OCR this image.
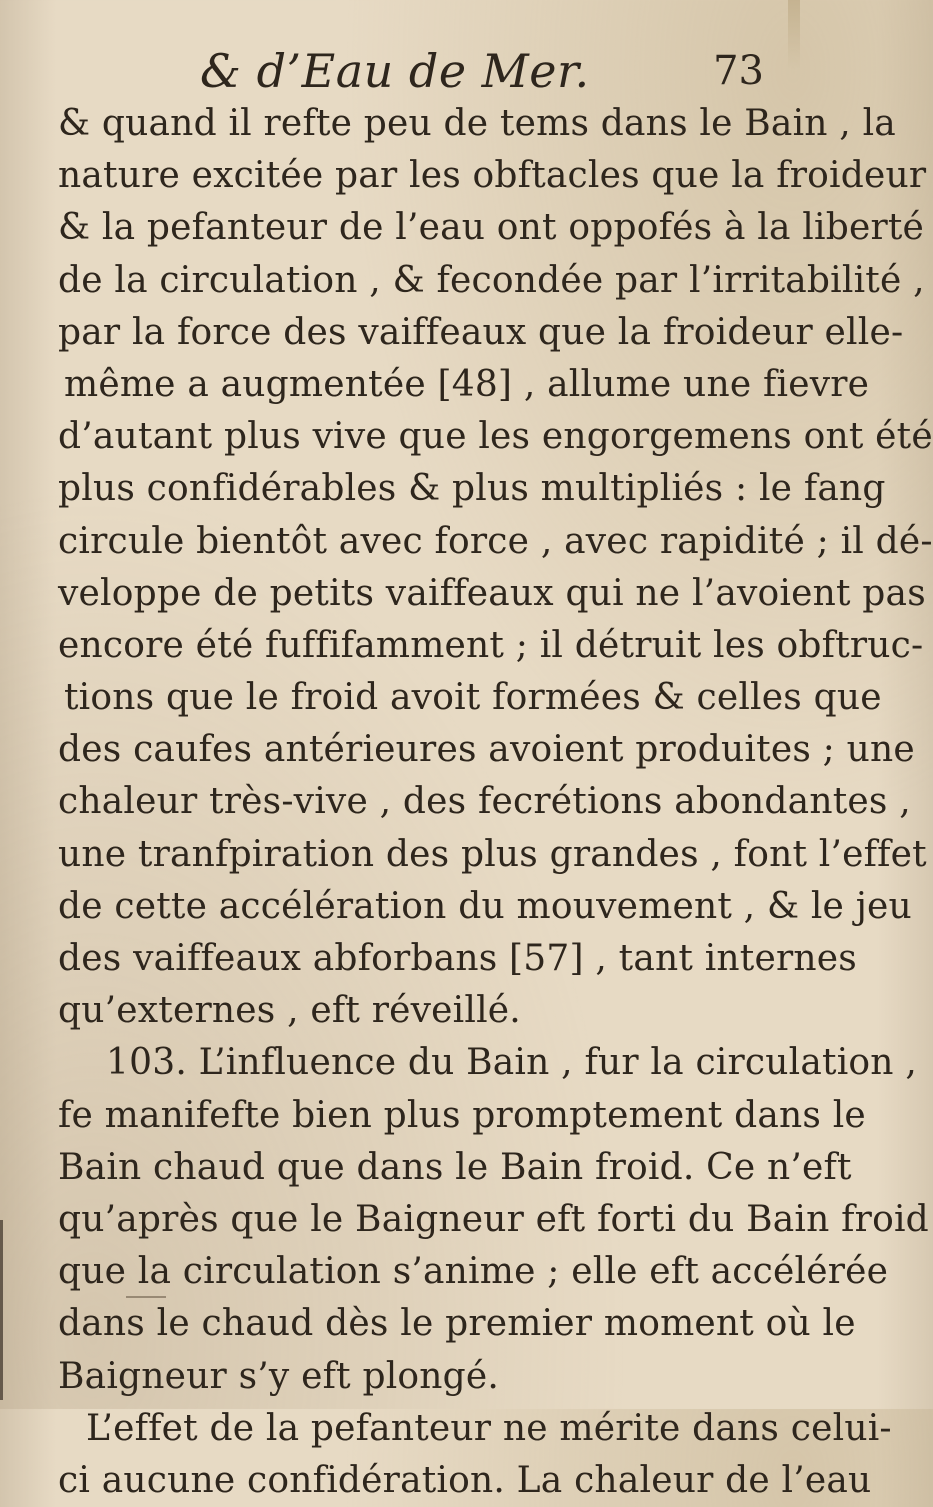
& d’Eau de Mer.	73
& quand il refte peu de tems dans le Bain , la
nature excitée par les obftacles que la froideur
& la pefanteur de l’eau ont oppofés à la liberté
de la circulation , & fecondée par l’irritabilité ,
par la force des vaiffeaux que la froideur elle-
même a augmentée [48] , allume une fievre
d’autant plus vive que les engorgemens ont été
plus confidérables & plus multipliés : le fang
circule bientôt avec force , avec rapidité ; il dé-
veloppe de petits vaiffeaux qui ne l’avoient pas
encore été fuffifamment ; il détruit les obftruc-
tions que le froid avoit formées & celles que
des caufes antérieures avoient produites ; une
chaleur très-vive , des fecrétions abondantes ,
une tranfpiration des plus grandes , font l’effet
de cette accélération du mouvement , & le jeu
des vaiffeaux abforbans [57] , tant internes
qu’externes , eft réveillé.
103. L’influence du Bain , fur la circulation ,
fe manifefte bien plus promptement dans le
Bain chaud que dans le Bain froid. Ce n’eft
qu’après que le Baigneur eft forti du Bain froid
que la circulation s’anime ; elle eft accélérée
dans le chaud dès le premier moment où le
Baigneur s’y eft plongé.
L’effet de la pefanteur ne mérite dans celui-
ci aucune confidération. La chaleur de l’eau
